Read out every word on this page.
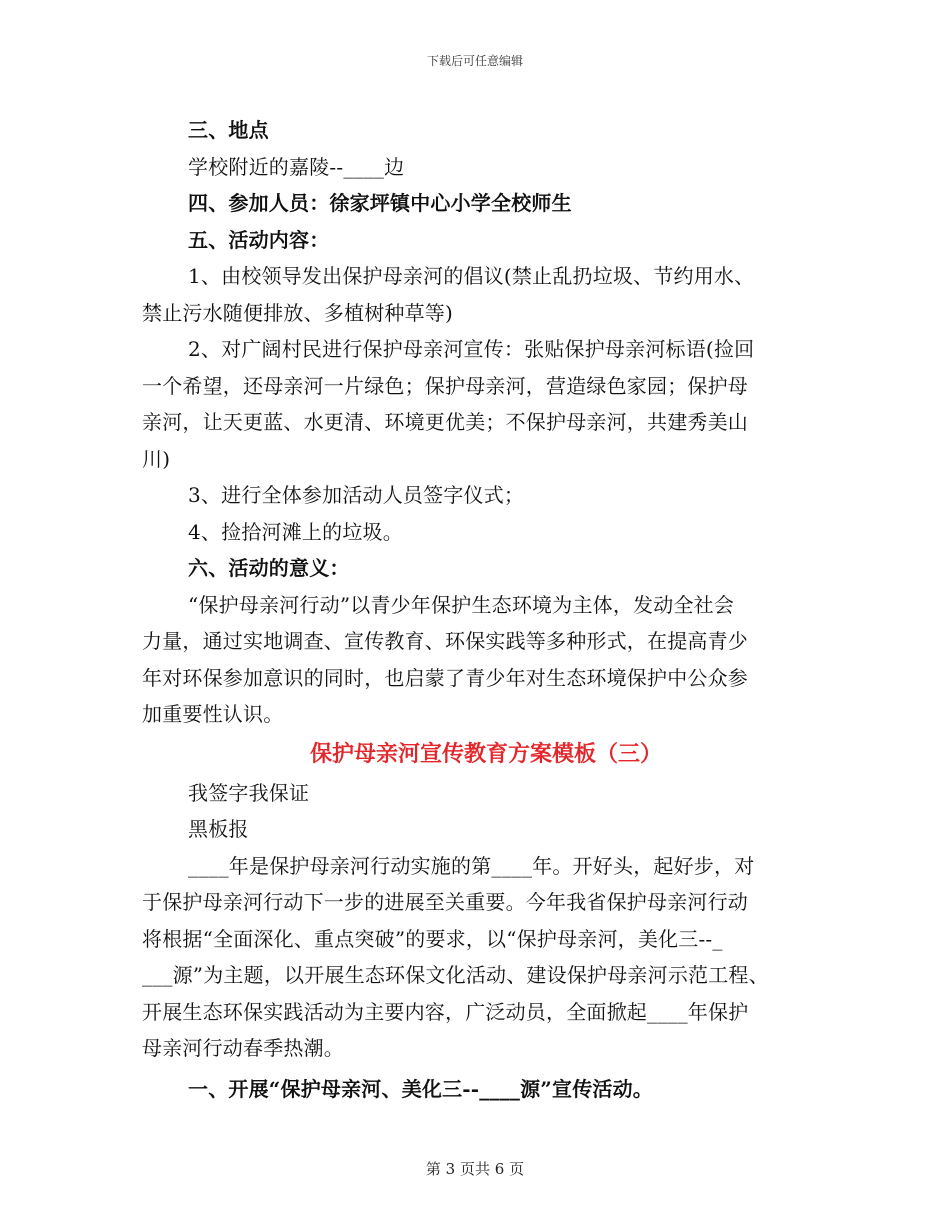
下载后可任意编辑
三、地点
学校附近的嘉陵--____边
四、参加人员：徐家坪镇中心小学全校师生
五、活动内容：
1、由校领导发出保护母亲河的倡议(禁止乱扔垃圾、节约用水、
禁止污水随便排放、多植树种草等)
2、对广阔村民进行保护母亲河宣传：张贴保护母亲河标语(捡回
一个希望，还母亲河一片绿色；保护母亲河，营造绿色家园；保护母
亲河，让天更蓝、水更清、环境更优美；不保护母亲河，共建秀美山
川)
3、进行全体参加活动人员签字仪式；
4、捡拾河滩上的垃圾。
六、活动的意义：
“保护母亲河行动”以青少年保护生态环境为主体，发动全社会
力量，通过实地调查、宣传教育、环保实践等多种形式，在提高青少
年对环保参加意识的同时，也启蒙了青少年对生态环境保护中公众参
加重要性认识。
保护母亲河宣传教育方案模板（三）
我签字我保证
黑板报
____年是保护母亲河行动实施的第____年。开好头，起好步，对
于保护母亲河行动下一步的进展至关重要。今年我省保护母亲河行动
将根据“全面深化、重点突破”的要求，以“保护母亲河，美化三--_
___源”为主题，以开展生态环保文化活动、建设保护母亲河示范工程、
开展生态环保实践活动为主要内容，广泛动员，全面掀起____年保护
母亲河行动春季热潮。
一、开展“保护母亲河、美化三--____源”宣传活动。
第 3 页共 6 页
